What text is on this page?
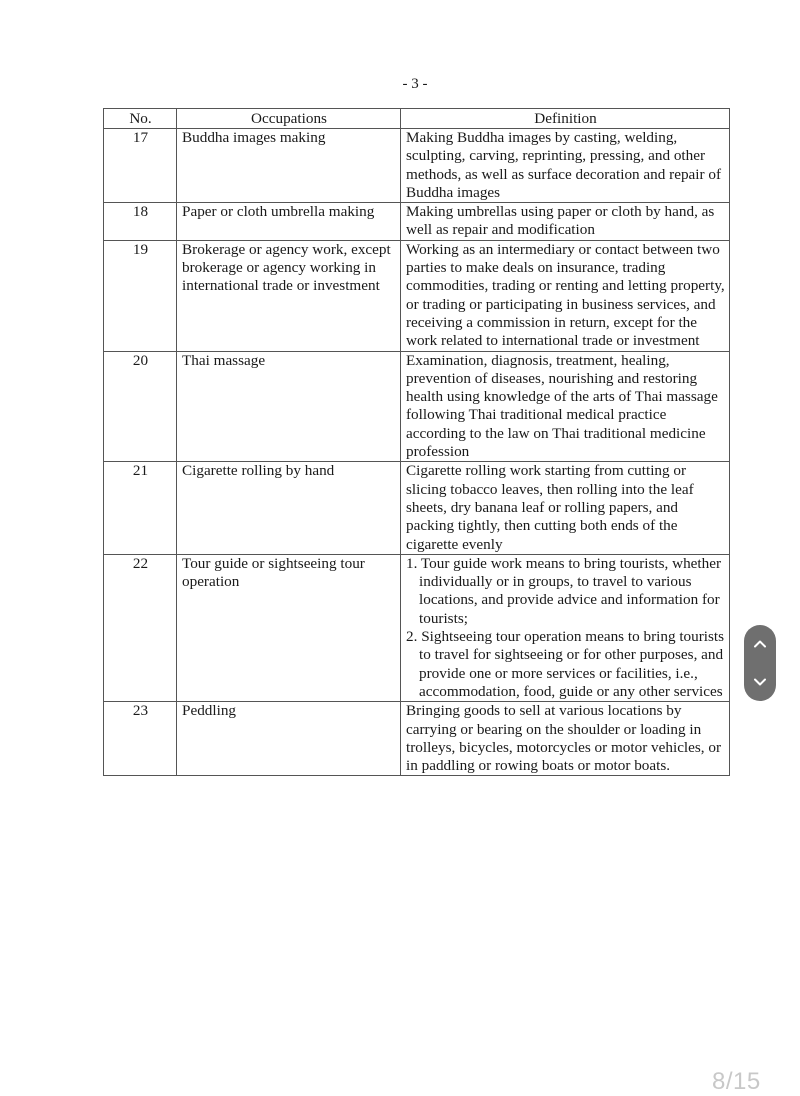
- 3 -
No.	Occupations	Definition
17	Buddha images making	Making Buddha images by casting, welding, sculpting, carving, reprinting, pressing, and other methods, as well as surface decoration and repair of Buddha images
18	Paper or cloth umbrella making	Making umbrellas using paper or cloth by hand, as well as repair and modification
19	Brokerage or agency work, except brokerage or agency working in international trade or investment	Working as an intermediary or contact between two parties to make deals on insurance, trading commodities, trading or renting and letting property, or trading or participating in business services, and receiving a commission in return, except for the work related to international trade or investment
20	Thai massage	Examination, diagnosis, treatment, healing, prevention of diseases, nourishing and restoring health using knowledge of the arts of Thai massage following Thai traditional medical practice according to the law on Thai traditional medicine profession
21	Cigarette rolling by hand	Cigarette rolling work starting from cutting or slicing tobacco leaves, then rolling into the leaf sheets, dry banana leaf or rolling papers, and packing tightly, then cutting both ends of the cigarette evenly
22	Tour guide or sightseeing tour operation	1. Tour guide work means to bring tourists, whether individually or in groups, to travel to various locations, and provide advice and information for tourists;
2. Sightseeing tour operation means to bring tourists to travel for sightseeing or for other purposes, and provide one or more services or facilities, i.e., accommodation, food, guide or any other services

23	Peddling	Bringing goods to sell at various locations by carrying or bearing on the shoulder or loading in trolleys, bicycles, motorcycles or motor vehicles, or in paddling or rowing boats or motor boats.
8/15
